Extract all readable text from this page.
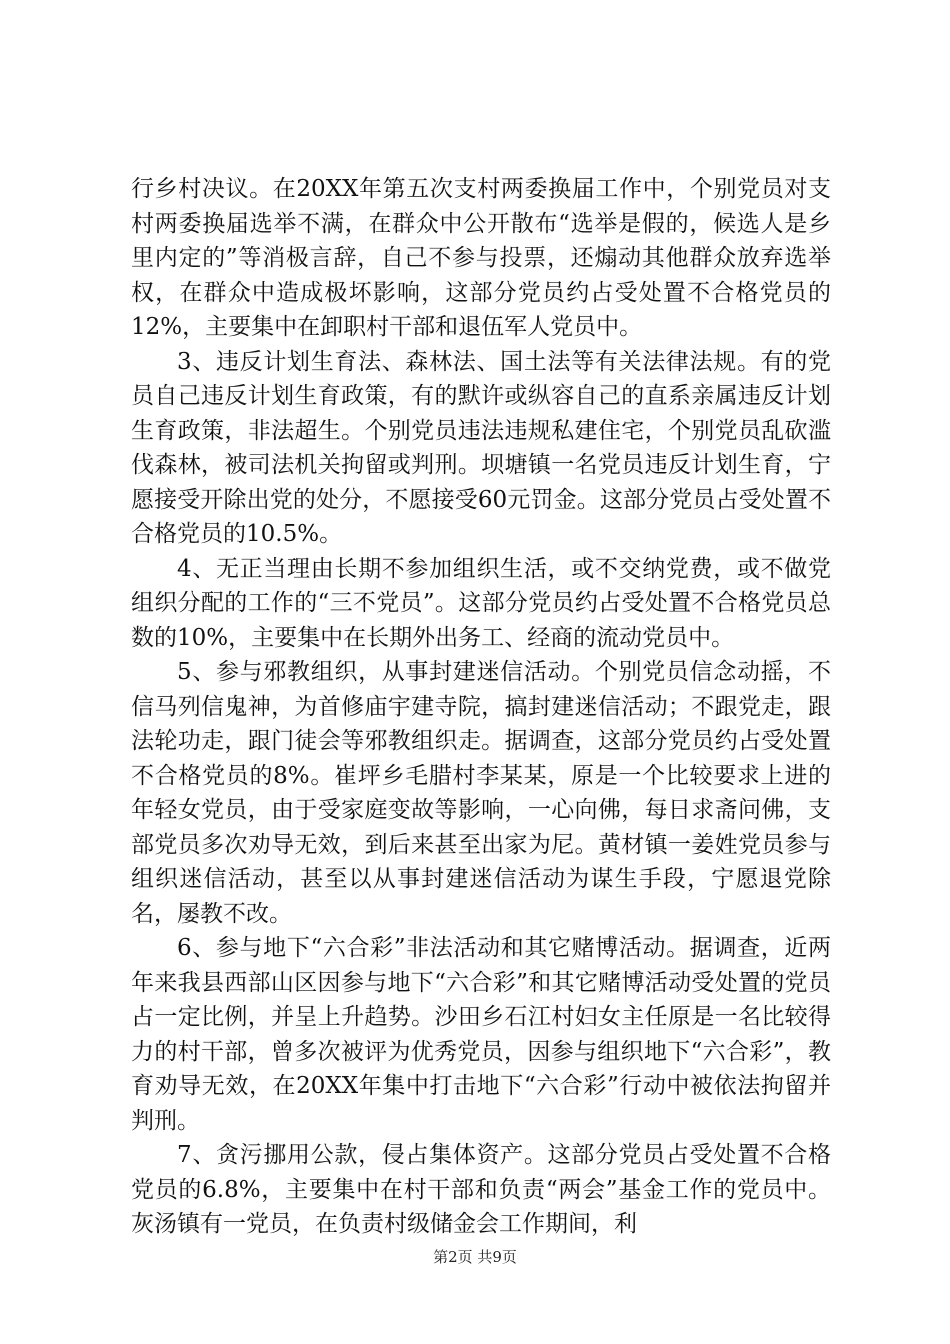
行乡村决议。在20XX年第五次支村两委换届工作中，个别党员对支村两委换届选举不满，在群众中公开散布“选举是假的，候选人是乡里内定的”等消极言辞，自己不参与投票，还煽动其他群众放弃选举权，在群众中造成极坏影响，这部分党员约占受处置不合格党员的12%，主要集中在卸职村干部和退伍军人党员中。

3、违反计划生育法、森林法、国土法等有关法律法规。有的党员自己违反计划生育政策，有的默许或纵容自己的直系亲属违反计划生育政策，非法超生。个别党员违法违规私建住宅，个别党员乱砍滥伐森林，被司法机关拘留或判刑。坝塘镇一名党员违反计划生育，宁愿接受开除出党的处分，不愿接受60元罚金。这部分党员占受处置不合格党员的10.5%。

4、无正当理由长期不参加组织生活，或不交纳党费，或不做党组织分配的工作的“三不党员”。这部分党员约占受处置不合格党员总数的10%，主要集中在长期外出务工、经商的流动党员中。

5、参与邪教组织，从事封建迷信活动。个别党员信念动摇，不信马列信鬼神，为首修庙宇建寺院，搞封建迷信活动；不跟党走，跟法轮功走，跟门徒会等邪教组织走。据调查，这部分党员约占受处置不合格党员的8%。崔坪乡毛腊村李某某，原是一个比较要求上进的年轻女党员，由于受家庭变故等影响，一心向佛，每日求斋问佛，支部党员多次劝导无效，到后来甚至出家为尼。黄材镇一姜姓党员参与组织迷信活动，甚至以从事封建迷信活动为谋生手段，宁愿退党除名，屡教不改。

6、参与地下“六合彩”非法活动和其它赌博活动。据调查，近两年来我县西部山区因参与地下“六合彩”和其它赌博活动受处置的党员占一定比例，并呈上升趋势。沙田乡石江村妇女主任原是一名比较得力的村干部，曾多次被评为优秀党员，因参与组织地下“六合彩”，教育劝导无效，在20XX年集中打击地下“六合彩”行动中被依法拘留并判刑。

7、贪污挪用公款，侵占集体资产。这部分党员占受处置不合格党员的6.8%，主要集中在村干部和负责“两会”基金工作的党员中。灰汤镇有一党员，在负责村级储金会工作期间，利

第2页 共9页
